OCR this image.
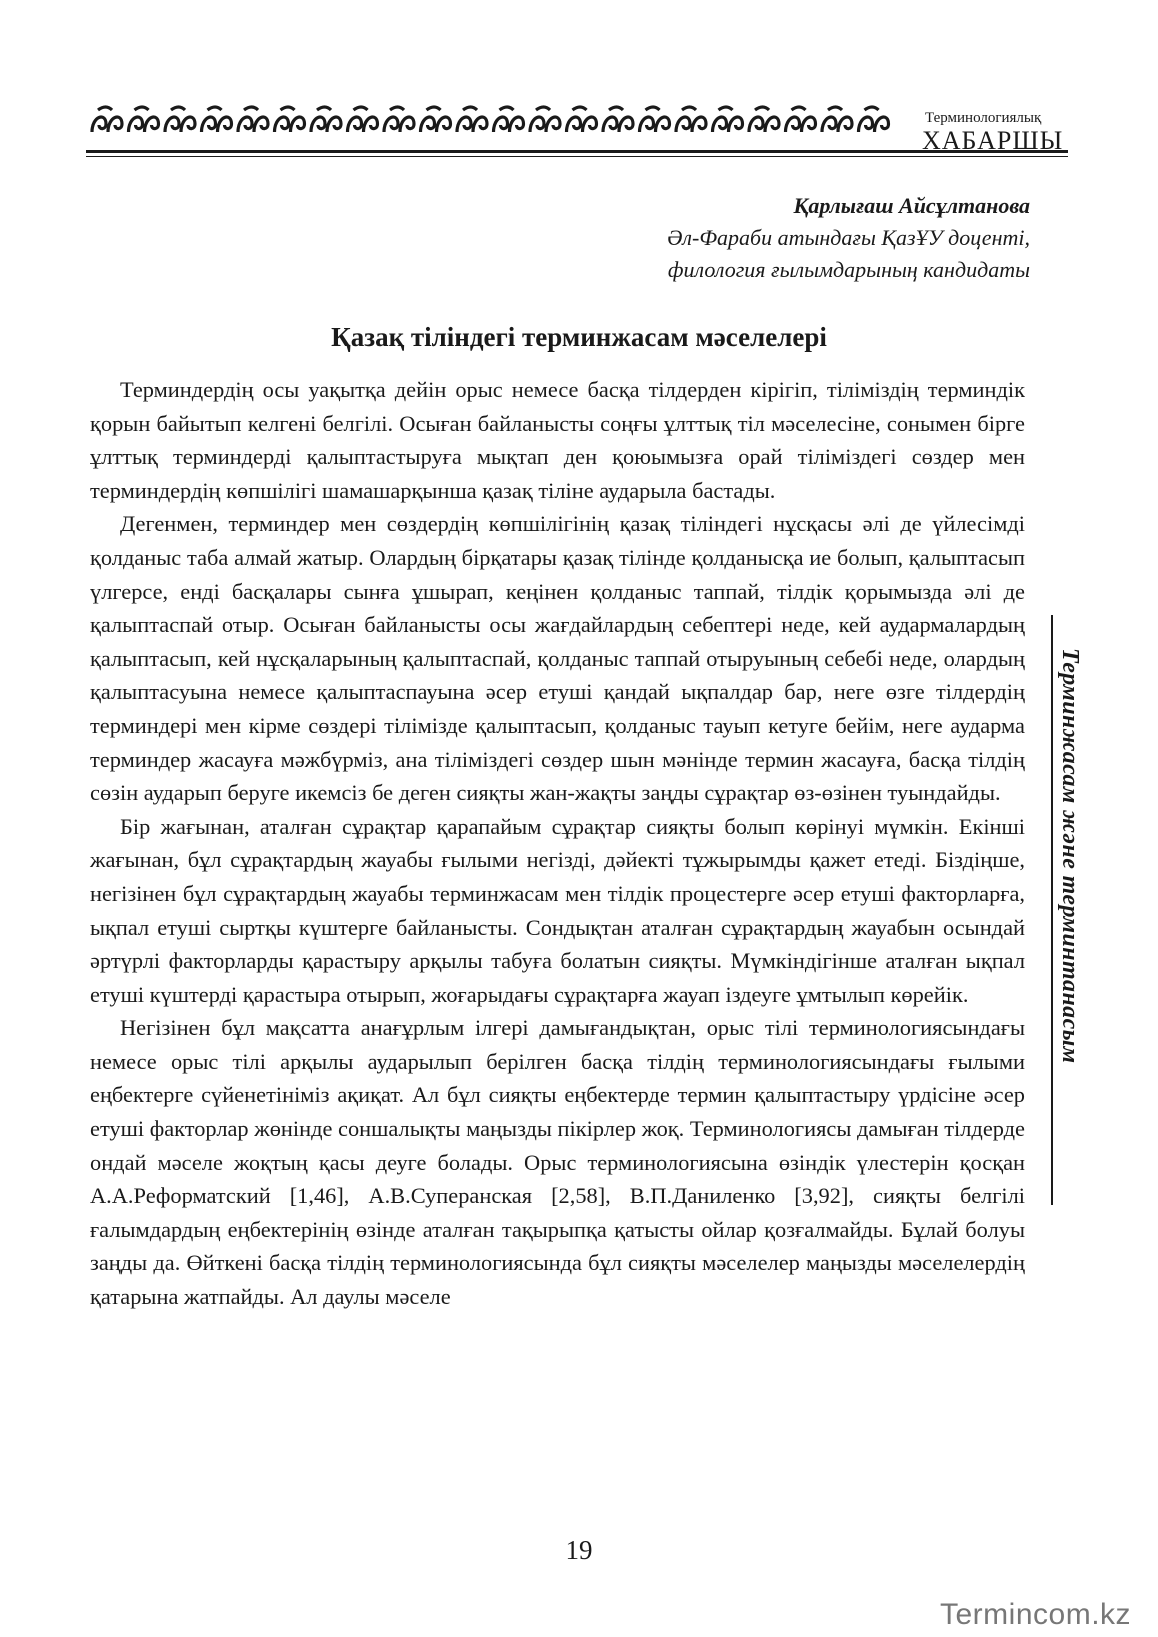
Терминологиялық
ХАБАРШЫ
Қарлығаш Айсұлтанова
Әл-Фараби атындағы ҚазҰУ доценті,
филология ғылымдарының кандидаты
Қазақ тіліндегі терминжасам мәселелері

Терминдердің осы уақытқа дейін орыс немесе басқа тілдерден кірігіп, тіліміздің терминдік қорын байытып келгені белгілі. Осыған байланысты соңғы ұлттық тіл мәселесіне, сонымен бірге ұлттық терминдерді қалыптастыруға мықтап ден қоюымызға орай тіліміздегі сөздер мен терминдердің көпшілігі шамашарқынша қазақ тіліне аударыла бастады.

Дегенмен, терминдер мен сөздердің көпшілігінің қазақ тіліндегі нұсқасы әлі де үйлесімді қолданыс таба алмай жатыр. Олардың бірқатары қазақ тілінде қолданысқа ие болып, қалыптасып үлгерсе, енді басқалары сынға ұшырап, кеңінен қолданыс таппай, тілдік қорымызда әлі де қалыптаспай отыр. Осыған байланысты осы жағдайлардың себептері неде, кей аудармалардың қалыптасып, кей нұсқаларының қалыптаспай, қолданыс таппай отыруының себебі неде, олардың қалыптасуына немесе қалыптаспауына әсер етуші қандай ықпалдар бар, неге өзге тілдердің терминдері мен кірме сөздері тілімізде қалыптасып, қолданыс тауып кетуге бейім, неге аударма терминдер жасауға мәжбүрміз, ана тіліміздегі сөздер шын мәнінде термин жасауға, басқа тілдің сөзін аударып беруге икемсіз бе деген сияқты жан-жақты заңды сұрақтар өз-өзінен туындайды.

Бір жағынан, аталған сұрақтар қарапайым сұрақтар сияқты болып көрінуі мүмкін. Екінші жағынан, бұл сұрақтардың жауабы ғылыми негізді, дәйекті тұжырымды қажет етеді. Біздіңше, негізінен бұл сұрақтардың жауабы терминжасам мен тілдік процестерге әсер етуші факторларға, ықпал етуші сыртқы күштерге байланысты. Сондықтан аталған сұрақтардың жауабын осындай әртүрлі факторларды қарастыру арқылы табуға болатын сияқты. Мүмкіндігінше аталған ықпал етуші күштерді қарастыра отырып, жоғарыдағы сұрақтарға жауап іздеуге ұмтылып көрейік.

Негізінен бұл мақсатта анағұрлым ілгері дамығандықтан, орыс тілі терминологиясындағы немесе орыс тілі арқылы аударылып берілген басқа тілдің терминологиясындағы ғылыми еңбектерге сүйенетініміз ақиқат. Ал бұл сияқты еңбектерде термин қалыптастыру үрдісіне әсер етуші факторлар жөнінде соншалықты маңызды пікірлер жоқ. Терминологиясы дамыған тілдерде ондай мәселе жоқтың қасы деуге болады. Орыс терминологиясына өзіндік үлестерін қосқан А.А.Реформатский [1,46], А.В.Суперанская [2,58], В.П.Даниленко [3,92], сияқты белгілі ғалымдардың еңбектерінің өзінде аталған тақырыпқа қатысты ойлар қозғалмайды. Бұлай болуы заңды да. Өйткені басқа тілдің терминологиясында бұл сияқты мәселелер маңызды мәселелердің қатарына жатпайды. Ал даулы мәселе

Терминжасам және терминтанасым
19
Termincom.kz
